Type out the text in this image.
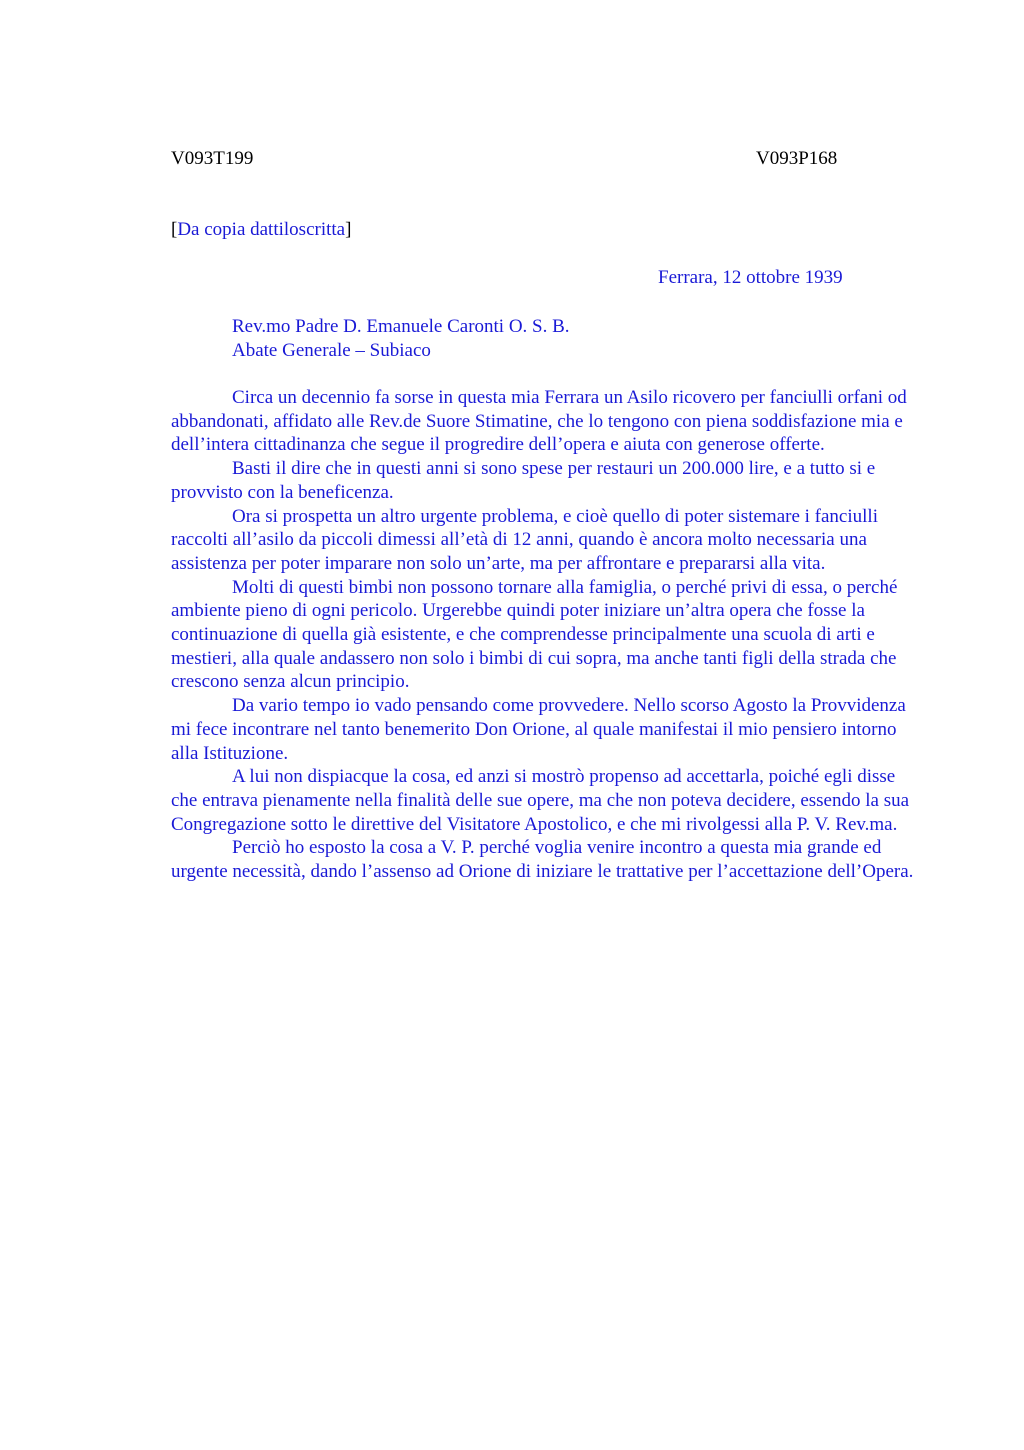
V093T199	V093P168
[Da copia dattiloscritta]
Ferrara, 12 ottobre 1939
Rev.mo Padre D. Emanuele Caronti O. S. B.
Abate Generale – Subiaco

Circa un decennio fa sorse in questa mia Ferrara un Asilo ricovero per fanciulli orfani od abbandonati, affidato alle Rev.de Suore Stimatine, che lo tengono con piena soddisfazione mia e dell’intera cittadinanza che segue il progredire dell’opera e aiuta con generose offerte.

Basti il dire che in questi anni si sono spese per restauri un 200.000 lire, e a tutto si e provvisto con la beneficenza.

Ora si prospetta un altro urgente problema, e cioè quello di poter sistemare i fanciulli raccolti all’asilo da piccoli dimessi all’età di 12 anni, quando è ancora molto necessaria una assistenza per poter imparare non solo un’arte, ma per affrontare e prepararsi alla vita.

Molti di questi bimbi non possono tornare alla famiglia, o perché privi di essa, o perché ambiente pieno di ogni pericolo. Urgerebbe quindi poter iniziare un’altra opera che fosse la continuazione di quella già esistente, e che comprendesse principalmente una scuola di arti e mestieri, alla quale andassero non solo i bimbi di cui sopra, ma anche tanti figli della strada che crescono senza alcun principio.

Da vario tempo io vado pensando come provvedere. Nello scorso Agosto la Provvidenza mi fece incontrare nel tanto benemerito Don Orione, al quale manifestai il mio pensiero intorno alla Istituzione.

A lui non dispiacque la cosa, ed anzi si mostrò propenso ad accettarla, poiché egli disse che entrava pienamente nella finalità delle sue opere, ma che non poteva decidere, essendo la sua Congregazione sotto le direttive del Visitatore Apostolico, e che mi rivolgessi alla P. V. Rev.ma.

Perciò ho esposto la cosa a V. P. perché voglia venire incontro a questa mia grande ed urgente necessità, dando l’assenso ad Orione di iniziare le trattative per l’accettazione dell’Opera.
